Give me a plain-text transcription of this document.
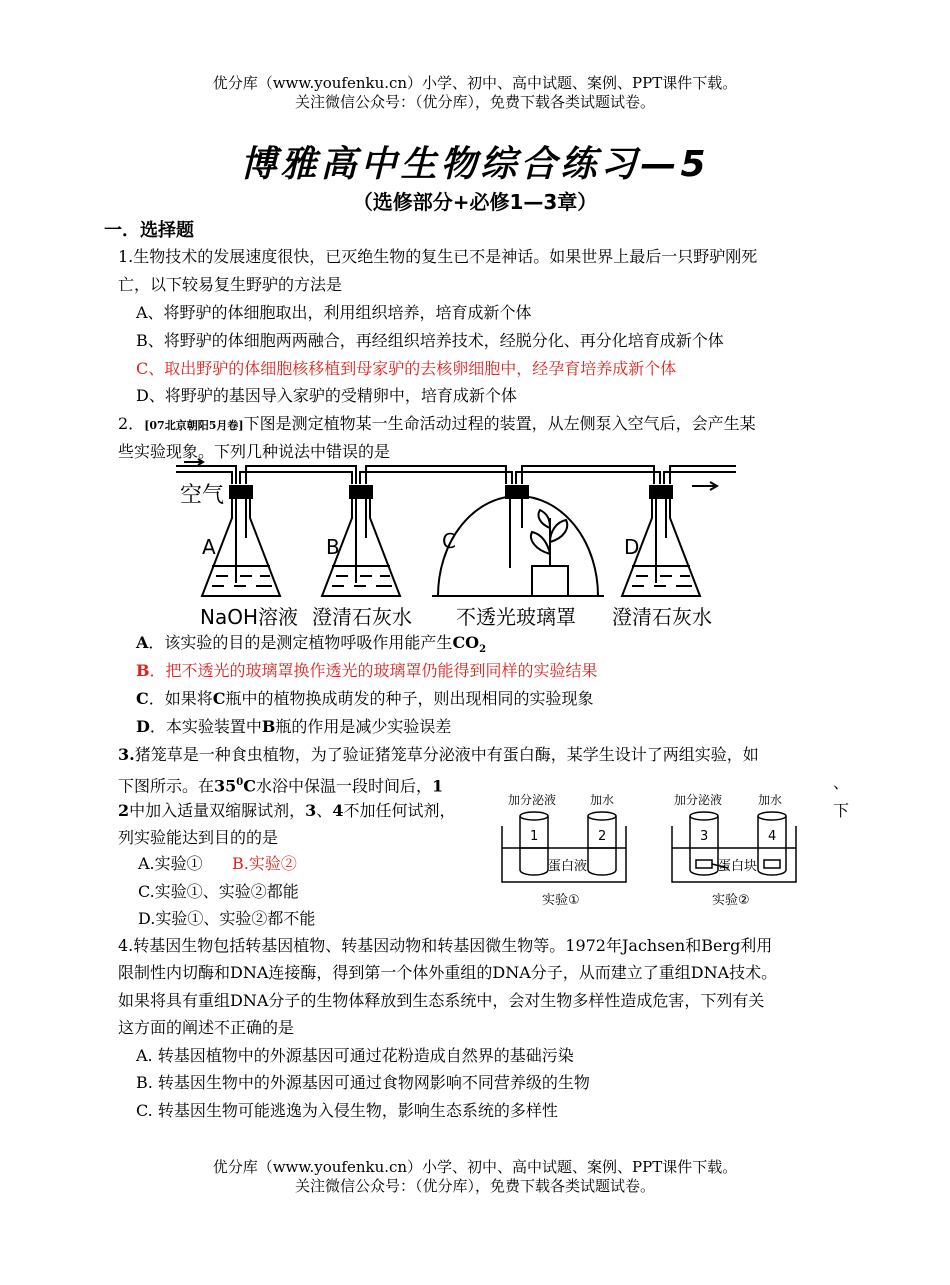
优分库（www.youfenku.cn）小学、初中、高中试题、案例、PPT课件下载。
关注微信公众号：（优分库），免费下载各类试题试卷。
博雅高中生物综合练习—5
（选修部分+必修1—3章）
一．选择题
1.生物技术的发展速度很快，已灭绝生物的复生已不是神话。如果世界上最后一只野驴刚死
亡，以下较易复生野驴的方法是
A、将野驴的体细胞取出，利用组织培养，培育成新个体
B、将野驴的体细胞两两融合，再经组织培养技术，经脱分化、再分化培育成新个体
C、取出野驴的体细胞核移植到母家驴的去核卵细胞中，经孕育培养成新个体
D、将野驴的基因导入家驴的受精卵中，培育成新个体
2．[07北京朝阳5月卷]下图是测定植物某一生命活动过程的装置，从左侧泵入空气后，会产生某
些实验现象。下列几种说法中错误的是
空气
A	B	C	D
NaOH溶液 澄清石灰水 不透光玻璃罩 澄清石灰水
A．该实验的目的是测定植物呼吸作用能产生$CO_2$
B．把不透光的玻璃罩换作透光的玻璃罩仍能得到同样的实验结果
C．如果将C瓶中的植物换成萌发的种子，则出现相同的实验现象
D．本实验装置中B瓶的作用是减少实验误差
3.猪笼草是一种食虫植物，为了验证猪笼草分泌液中有蛋白酶，某学生设计了两组实验，如
下图所示。在$35^0C$水浴中保温一段时间后，1	、
2中加入适量双缩脲试剂，3、4不加任何试剂，	下
列实验能达到目的的是
A.实验① B.实验②
C.实验①、实验②都能
D.实验①、实验②都不能
加分泌液	加水	加分泌液	加水
1	2	3	4
蛋白液	蛋白块
实验①	实验②
4.转基因生物包括转基因植物、转基因动物和转基因微生物等。1972年Jachsen和Berg利用
限制性内切酶和DNA连接酶，得到第一个体外重组的DNA分子，从而建立了重组DNA技术。
如果将具有重组DNA分子的生物体释放到生态系统中，会对生物多样性造成危害，下列有关
这方面的阐述不正确的是
A. 转基因植物中的外源基因可通过花粉造成自然界的基础污染
B. 转基因生物中的外源基因可通过食物网影响不同营养级的生物
C. 转基因生物可能逃逸为入侵生物，影响生态系统的多样性
优分库（www.youfenku.cn）小学、初中、高中试题、案例、PPT课件下载。
关注微信公众号：（优分库），免费下载各类试题试卷。
